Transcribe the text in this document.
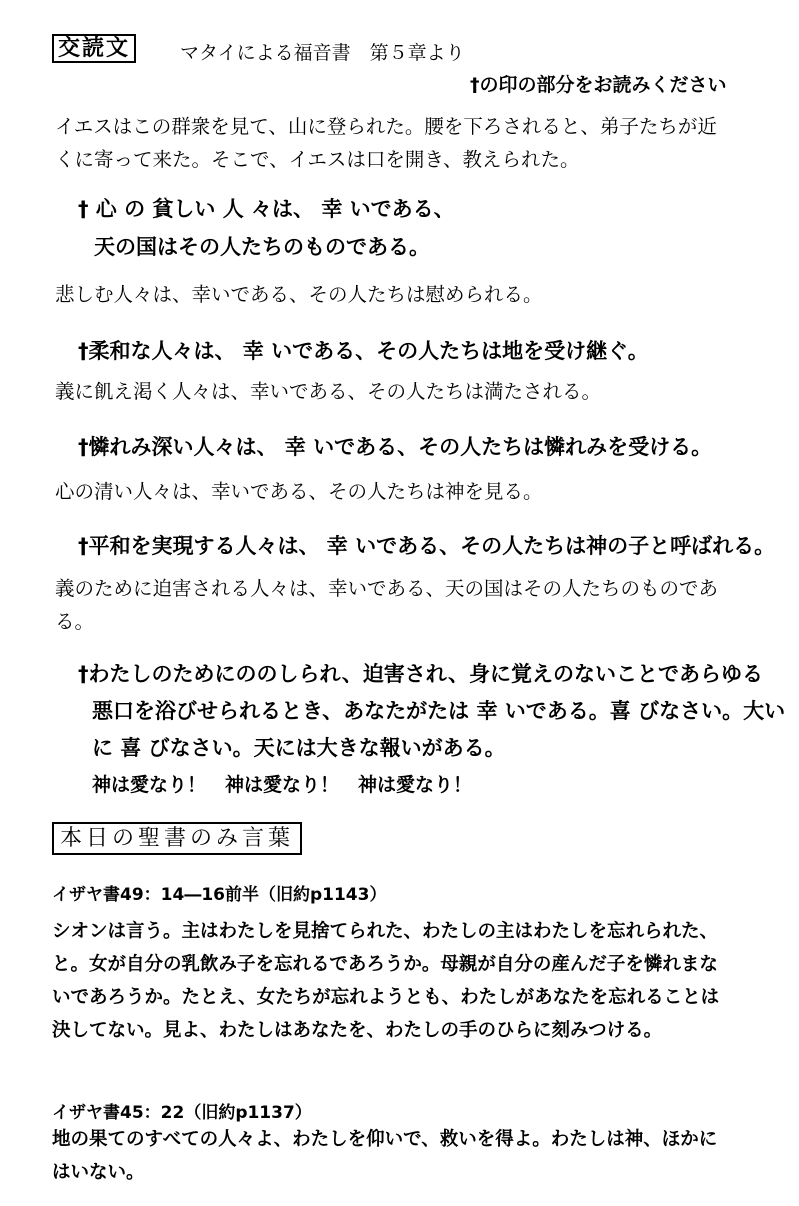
交読文	マタイによる福音書　第５章より
†の印の部分をお読みください
イエスはこの群衆を見て、山に登られた。腰を下ろされると、弟子たちが近
くに寄って来た。そこで、イエスは口を開き、教えられた。
† 心 の 貧しい 人 々は、 幸 いである、
天の国はその人たちのものである。
悲しむ人々は、幸いである、その人たちは慰められる。
†柔和な人々は、 幸 いである、その人たちは地を受け継ぐ。
義に飢え渇く人々は、幸いである、その人たちは満たされる。
†憐れみ深い人々は、 幸 いである、その人たちは憐れみを受ける。
心の清い人々は、幸いである、その人たちは神を見る。
†平和を実現する人々は、 幸 いである、その人たちは神の子と呼ばれる。
義のために迫害される人々は、幸いである、天の国はその人たちのものであ
る。
†わたしのためにののしられ、迫害され、身に覚えのないことであらゆる
悪口を浴びせられるとき、あなたがたは 幸 いである。喜 びなさい。大い
に 喜 びなさい。天には大きな報いがある。
神は愛なり！　神は愛なり！　神は愛なり！
本日の聖書のみ言葉
イザヤ書49：14―16前半（旧約p1143）
シオンは言う。主はわたしを見捨てられた、わたしの主はわたしを忘れられた、
と。女が自分の乳飲み子を忘れるであろうか。母親が自分の産んだ子を憐れまな
いであろうか。たとえ、女たちが忘れようとも、わたしがあなたを忘れることは
決してない。見よ、わたしはあなたを、わたしの手のひらに刻みつける。
イザヤ書45：22（旧約p1137）
地の果てのすべての人々よ、わたしを仰いで、救いを得よ。わたしは神、ほかに
はいない。
